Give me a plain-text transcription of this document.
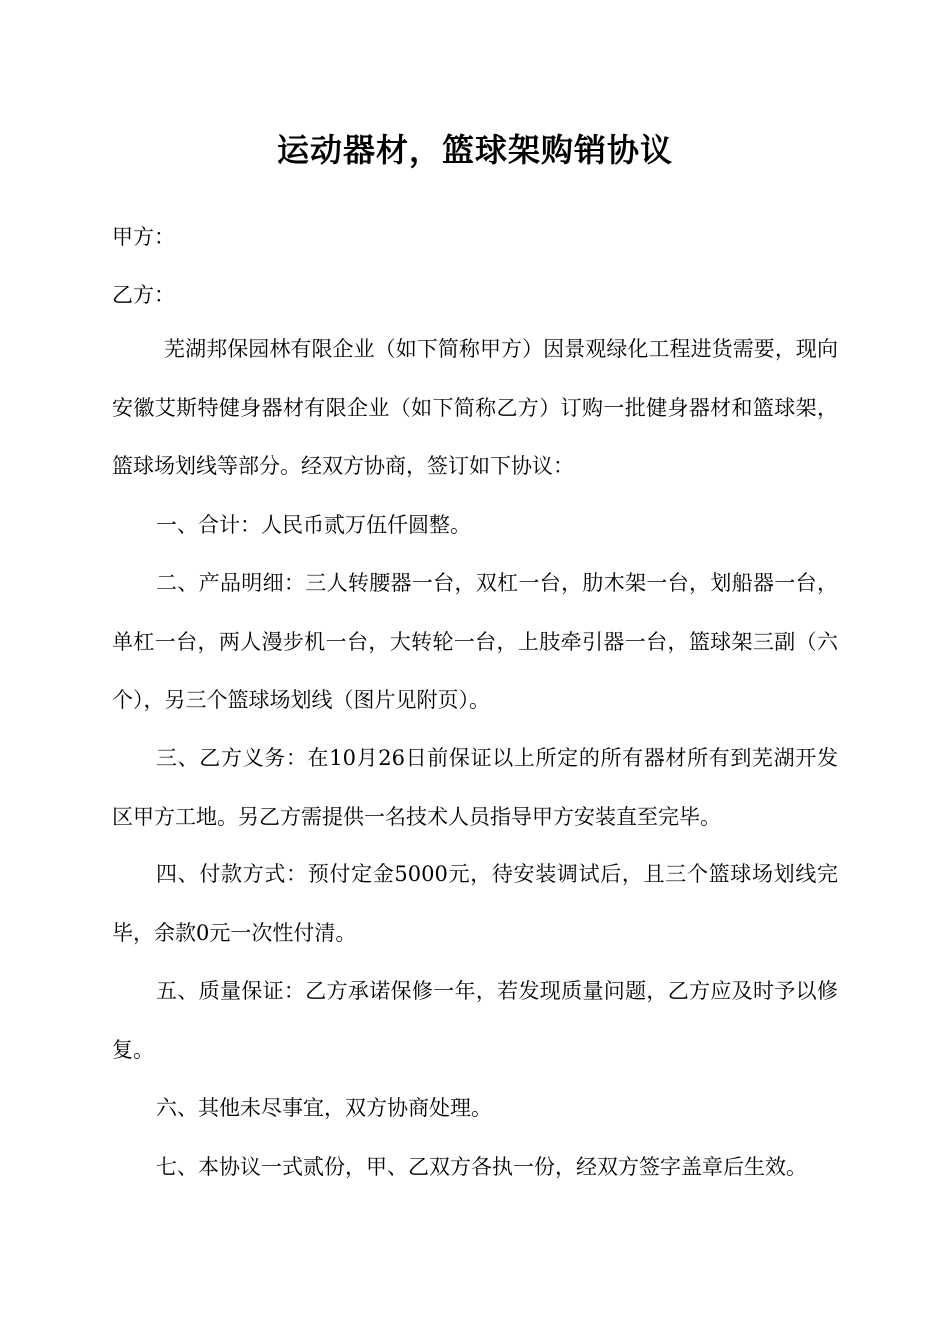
运动器材，篮球架购销协议

甲方：

乙方：

芜湖邦保园林有限企业（如下简称甲方）因景观绿化工程进货需要，现向安徽艾斯特健身器材有限企业（如下简称乙方）订购一批健身器材和篮球架，篮球场划线等部分。经双方协商，签订如下协议：

一、合计：人民币贰万伍仟圆整。

二、产品明细：三人转腰器一台，双杠一台，肋木架一台，划船器一台，单杠一台，两人漫步机一台，大转轮一台，上肢牵引器一台，篮球架三副（六个），另三个篮球场划线（图片见附页）。

三、乙方义务：在10月26日前保证以上所定的所有器材所有到芜湖开发区甲方工地。另乙方需提供一名技术人员指导甲方安装直至完毕。

四、付款方式：预付定金5000元，待安装调试后，且三个篮球场划线完毕，余款0元一次性付清。

五、质量保证：乙方承诺保修一年，若发现质量问题，乙方应及时予以修复。

六、其他未尽事宜，双方协商处理。

七、本协议一式贰份，甲、乙双方各执一份，经双方签字盖章后生效。
